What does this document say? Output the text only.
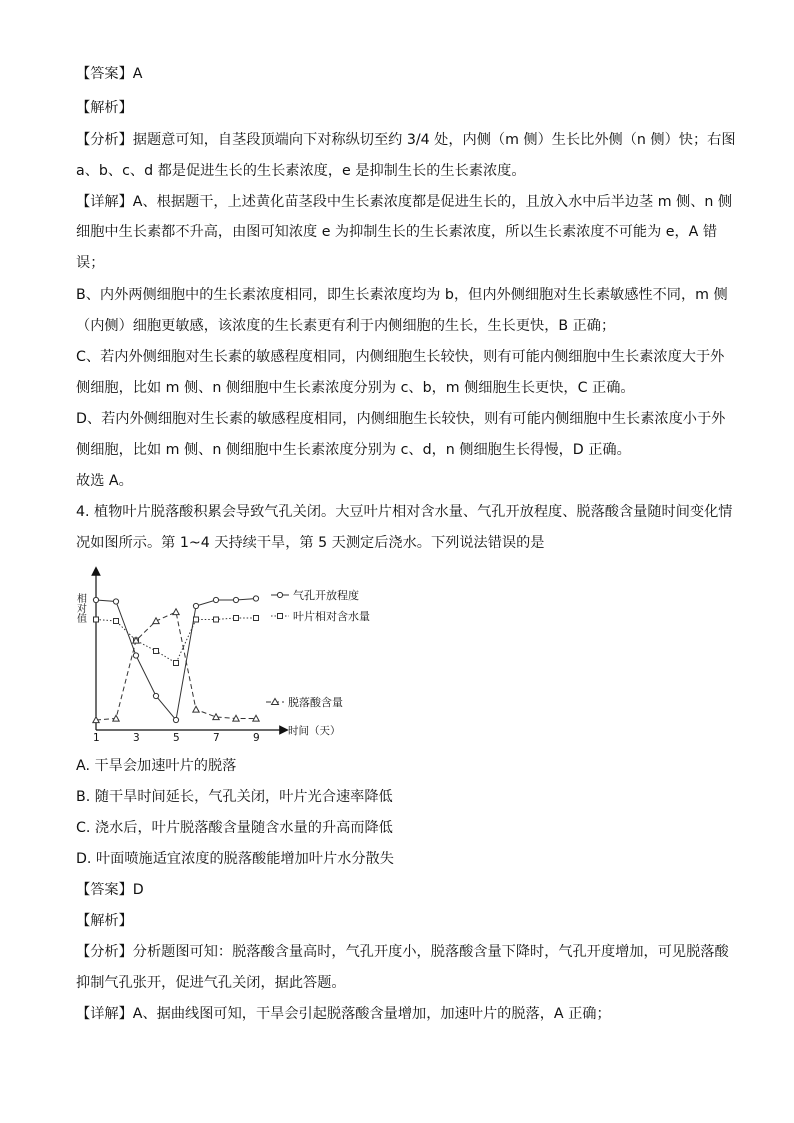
【答案】A
【解析】
【分析】据题意可知，自茎段顶端向下对称纵切至约 3/4 处，内侧（m 侧）生长比外侧（n 侧）快；右图
a、b、c、d 都是促进生长的生长素浓度，e 是抑制生长的生长素浓度。
【详解】A、根据题干，上述黄化苗茎段中生长素浓度都是促进生长的，且放入水中后半边茎 m 侧、n 侧
细胞中生长素都不升高，由图可知浓度 e 为抑制生长的生长素浓度，所以生长素浓度不可能为 e，A 错
误；
B、内外两侧细胞中的生长素浓度相同，即生长素浓度均为 b，但内外侧细胞对生长素敏感性不同，m 侧
（内侧）细胞更敏感，该浓度的生长素更有利于内侧细胞的生长，生长更快，B 正确；
C、若内外侧细胞对生长素的敏感程度相同，内侧细胞生长较快，则有可能内侧细胞中生长素浓度大于外
侧细胞，比如 m 侧、n 侧细胞中生长素浓度分别为 c、b，m 侧细胞生长更快，C 正确。
D、若内外侧细胞对生长素的敏感程度相同，内侧细胞生长较快，则有可能内侧细胞中生长素浓度小于外
侧细胞，比如 m 侧、n 侧细胞中生长素浓度分别为 c、d，n 侧细胞生长得慢，D 正确。
故选 A。
4. 植物叶片脱落酸积累会导致气孔关闭。大豆叶片相对含水量、气孔开放程度、脱落酸含量随时间变化情
况如图所示。第 1~4 天持续干旱，第 5 天测定后浇水。下列说法错误的是
相对值
1	3	5	7	9
时间（天）
气孔开放程度
叶片相对含水量
脱落酸含量
A. 干旱会加速叶片的脱落
B. 随干旱时间延长，气孔关闭，叶片光合速率降低
C. 浇水后，叶片脱落酸含量随含水量的升高而降低
D. 叶面喷施适宜浓度的脱落酸能增加叶片水分散失
【答案】D
【解析】
【分析】分析题图可知：脱落酸含量高时，气孔开度小，脱落酸含量下降时，气孔开度增加，可见脱落酸
抑制气孔张开，促进气孔关闭，据此答题。
【详解】A、据曲线图可知，干旱会引起脱落酸含量增加，加速叶片的脱落，A 正确；
